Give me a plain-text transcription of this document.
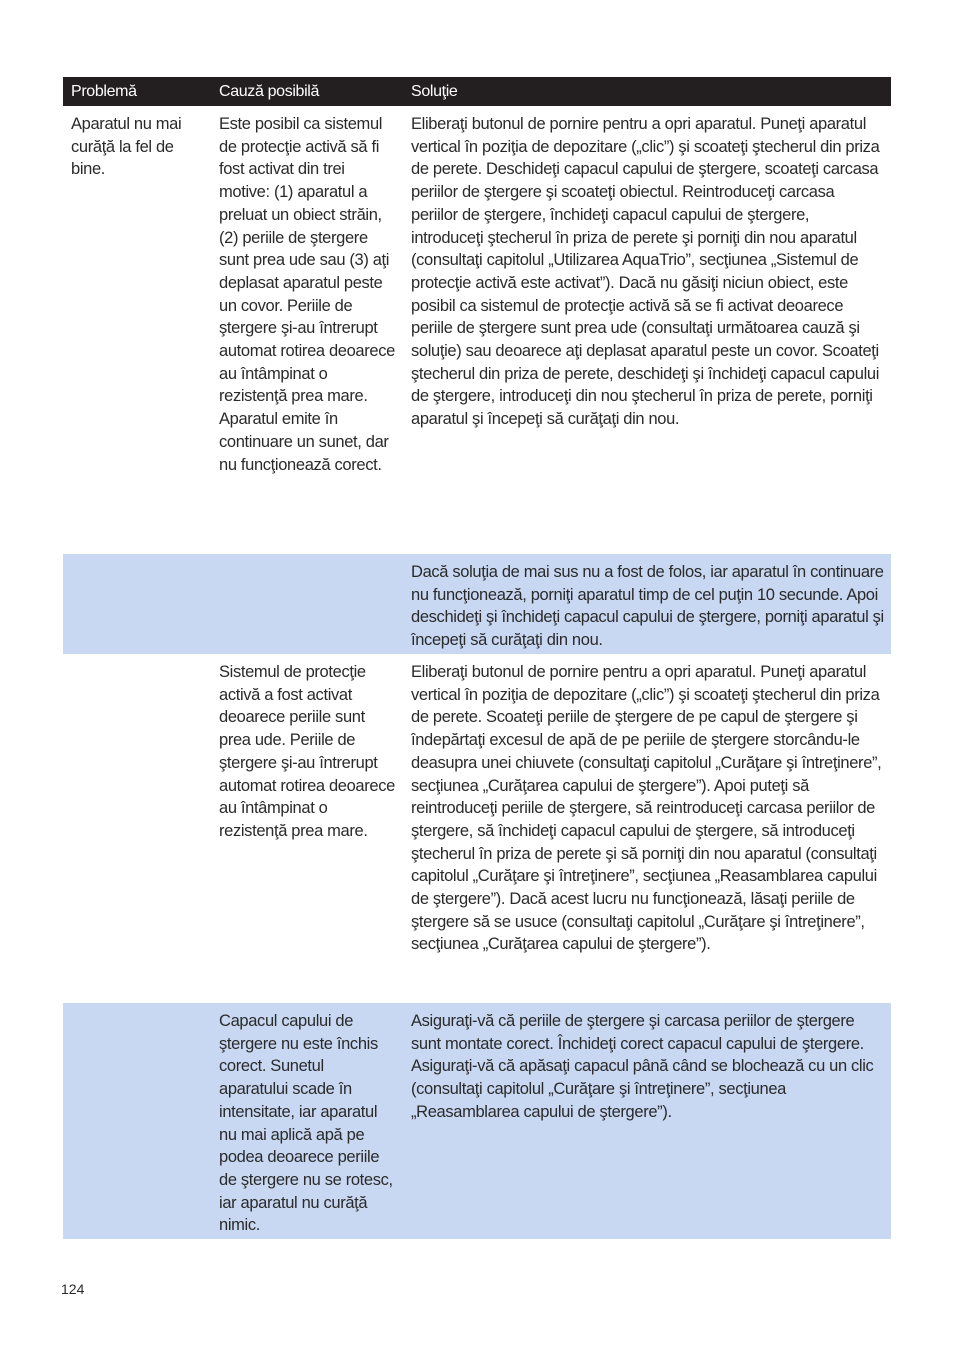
Problemă	Cauză posibilă	Soluţie
Aparatul nu mai curăţă la fel de bine.
Este posibil ca sistemul de protecţie activă să fi fost activat din trei motive: (1) aparatul a preluat un obiect străin, (2) periile de ştergere sunt prea ude sau (3) aţi deplasat aparatul peste un covor. Periile de ştergere şi-au întrerupt automat rotirea deoarece au întâmpinat o rezistenţă prea mare. Aparatul emite în continuare un sunet, dar nu funcţionează corect.
Eliberaţi butonul de pornire pentru a opri aparatul. Puneţi aparatul vertical în poziţia de depozitare („clic”) şi scoateţi ştecherul din priza de perete. Deschideţi capacul capului de ştergere, scoateţi carcasa periilor de ştergere şi scoateţi obiectul. Reintroduceţi carcasa periilor de ştergere, închideţi capacul capului de ştergere, introduceţi ştecherul în priza de perete şi porniţi din nou aparatul (consultaţi capitolul „Utilizarea AquaTrio”, secţiunea „Sistemul de protecţie activă este activat”). Dacă nu găsiţi niciun obiect, este posibil ca sistemul de protecţie activă să se fi activat deoarece periile de ştergere sunt prea ude (consultaţi următoarea cauză şi soluţie) sau deoarece aţi deplasat aparatul peste un covor. Scoateţi ştecherul din priza de perete, deschideţi şi închideţi capacul capului de ştergere, introduceţi din nou ştecherul în priza de perete, porniţi aparatul şi începeţi să curăţaţi din nou.
Dacă soluţia de mai sus nu a fost de folos, iar aparatul în continuare nu funcţionează, porniţi aparatul timp de cel puţin 10 secunde. Apoi deschideţi şi închideţi capacul capului de ştergere, porniţi aparatul şi începeţi să curăţaţi din nou.
Sistemul de protecţie activă a fost activat deoarece periile sunt prea ude. Periile de ştergere şi-au întrerupt automat rotirea deoarece au întâmpinat o rezistenţă prea mare.
Eliberaţi butonul de pornire pentru a opri aparatul. Puneţi aparatul vertical în poziţia de depozitare („clic”) şi scoateţi ştecherul din priza de perete. Scoateţi periile de ştergere de pe capul de ştergere şi îndepărtaţi excesul de apă de pe periile de ştergere storcându-le deasupra unei chiuvete (consultaţi capitolul „Curăţare şi întreţinere”, secţiunea „Curăţarea capului de ştergere”). Apoi puteţi să reintroduceţi periile de ştergere, să reintroduceţi carcasa periilor de ştergere, să închideţi capacul capului de ştergere, să introduceţi ştecherul în priza de perete şi să porniţi din nou aparatul (consultaţi capitolul „Curăţare şi întreţinere”, secţiunea „Reasamblarea capului de ştergere”). Dacă acest lucru nu funcţionează, lăsaţi periile de ştergere să se usuce (consultaţi capitolul „Curăţare şi întreţinere”, secţiunea „Curăţarea capului de ştergere”).
Capacul capului de ştergere nu este închis corect. Sunetul aparatului scade în intensitate, iar aparatul nu mai aplică apă pe podea deoarece periile de ştergere nu se rotesc, iar aparatul nu curăţă nimic.
Asiguraţi-vă că periile de ştergere şi carcasa periilor de ştergere sunt montate corect. Închideţi corect capacul capului de ştergere. Asiguraţi-vă că apăsaţi capacul până când se blochează cu un clic (consultaţi capitolul „Curăţare şi întreţinere”, secţiunea „Reasamblarea capului de ştergere”).
124
